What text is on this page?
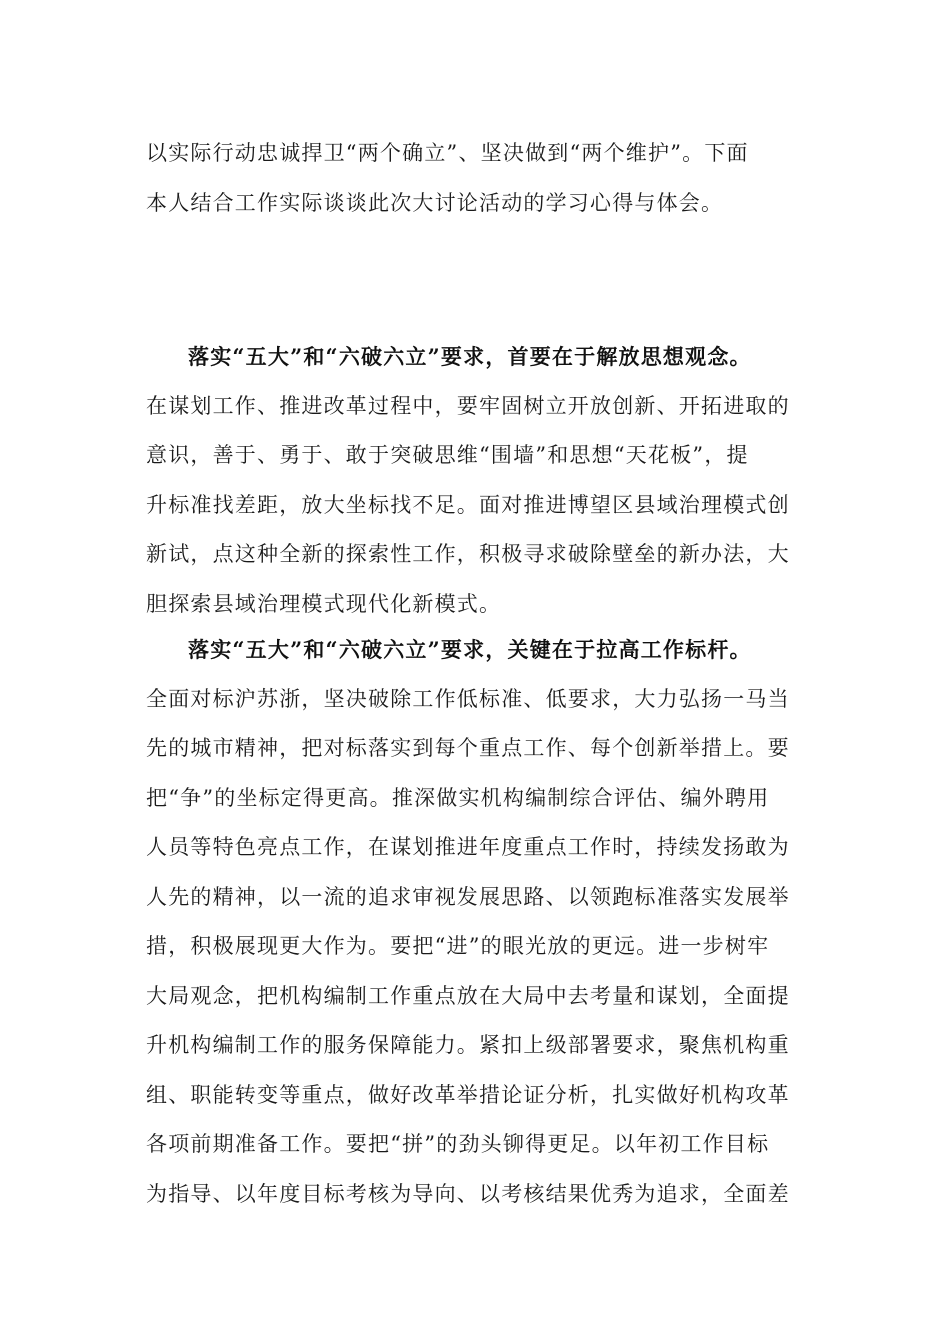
以实际行动忠诚捍卫“两个确立”、坚决做到“两个维护”。下面
本人结合工作实际谈谈此次大讨论活动的学习心得与体会。
落实“五大”和“六破六立”要求，首要在于解放思想观念。
在谋划工作、推进改革过程中，要牢固树立开放创新、开拓进取的
意识，善于、勇于、敢于突破思维“围墙”和思想“天花板”，提
升标准找差距，放大坐标找不足。面对推进博望区县域治理模式创
新试，点这种全新的探索性工作，积极寻求破除壁垒的新办法，大
胆探索县域治理模式现代化新模式。
落实“五大”和“六破六立”要求，关键在于拉高工作标杆。
全面对标沪苏浙，坚决破除工作低标准、低要求，大力弘扬一马当
先的城市精神，把对标落实到每个重点工作、每个创新举措上。要
把“争”的坐标定得更高。推深做实机构编制综合评估、编外聘用
人员等特色亮点工作，在谋划推进年度重点工作时，持续发扬敢为
人先的精神，以一流的追求审视发展思路、以领跑标准落实发展举
措，积极展现更大作为。要把“进”的眼光放的更远。进一步树牢
大局观念，把机构编制工作重点放在大局中去考量和谋划，全面提
升机构编制工作的服务保障能力。紧扣上级部署要求，聚焦机构重
组、职能转变等重点，做好改革举措论证分析，扎实做好机构攻革
各项前期准备工作。要把“拼”的劲头铆得更足。以年初工作目标
为指导、以年度目标考核为导向、以考核结果优秀为追求，全面差
